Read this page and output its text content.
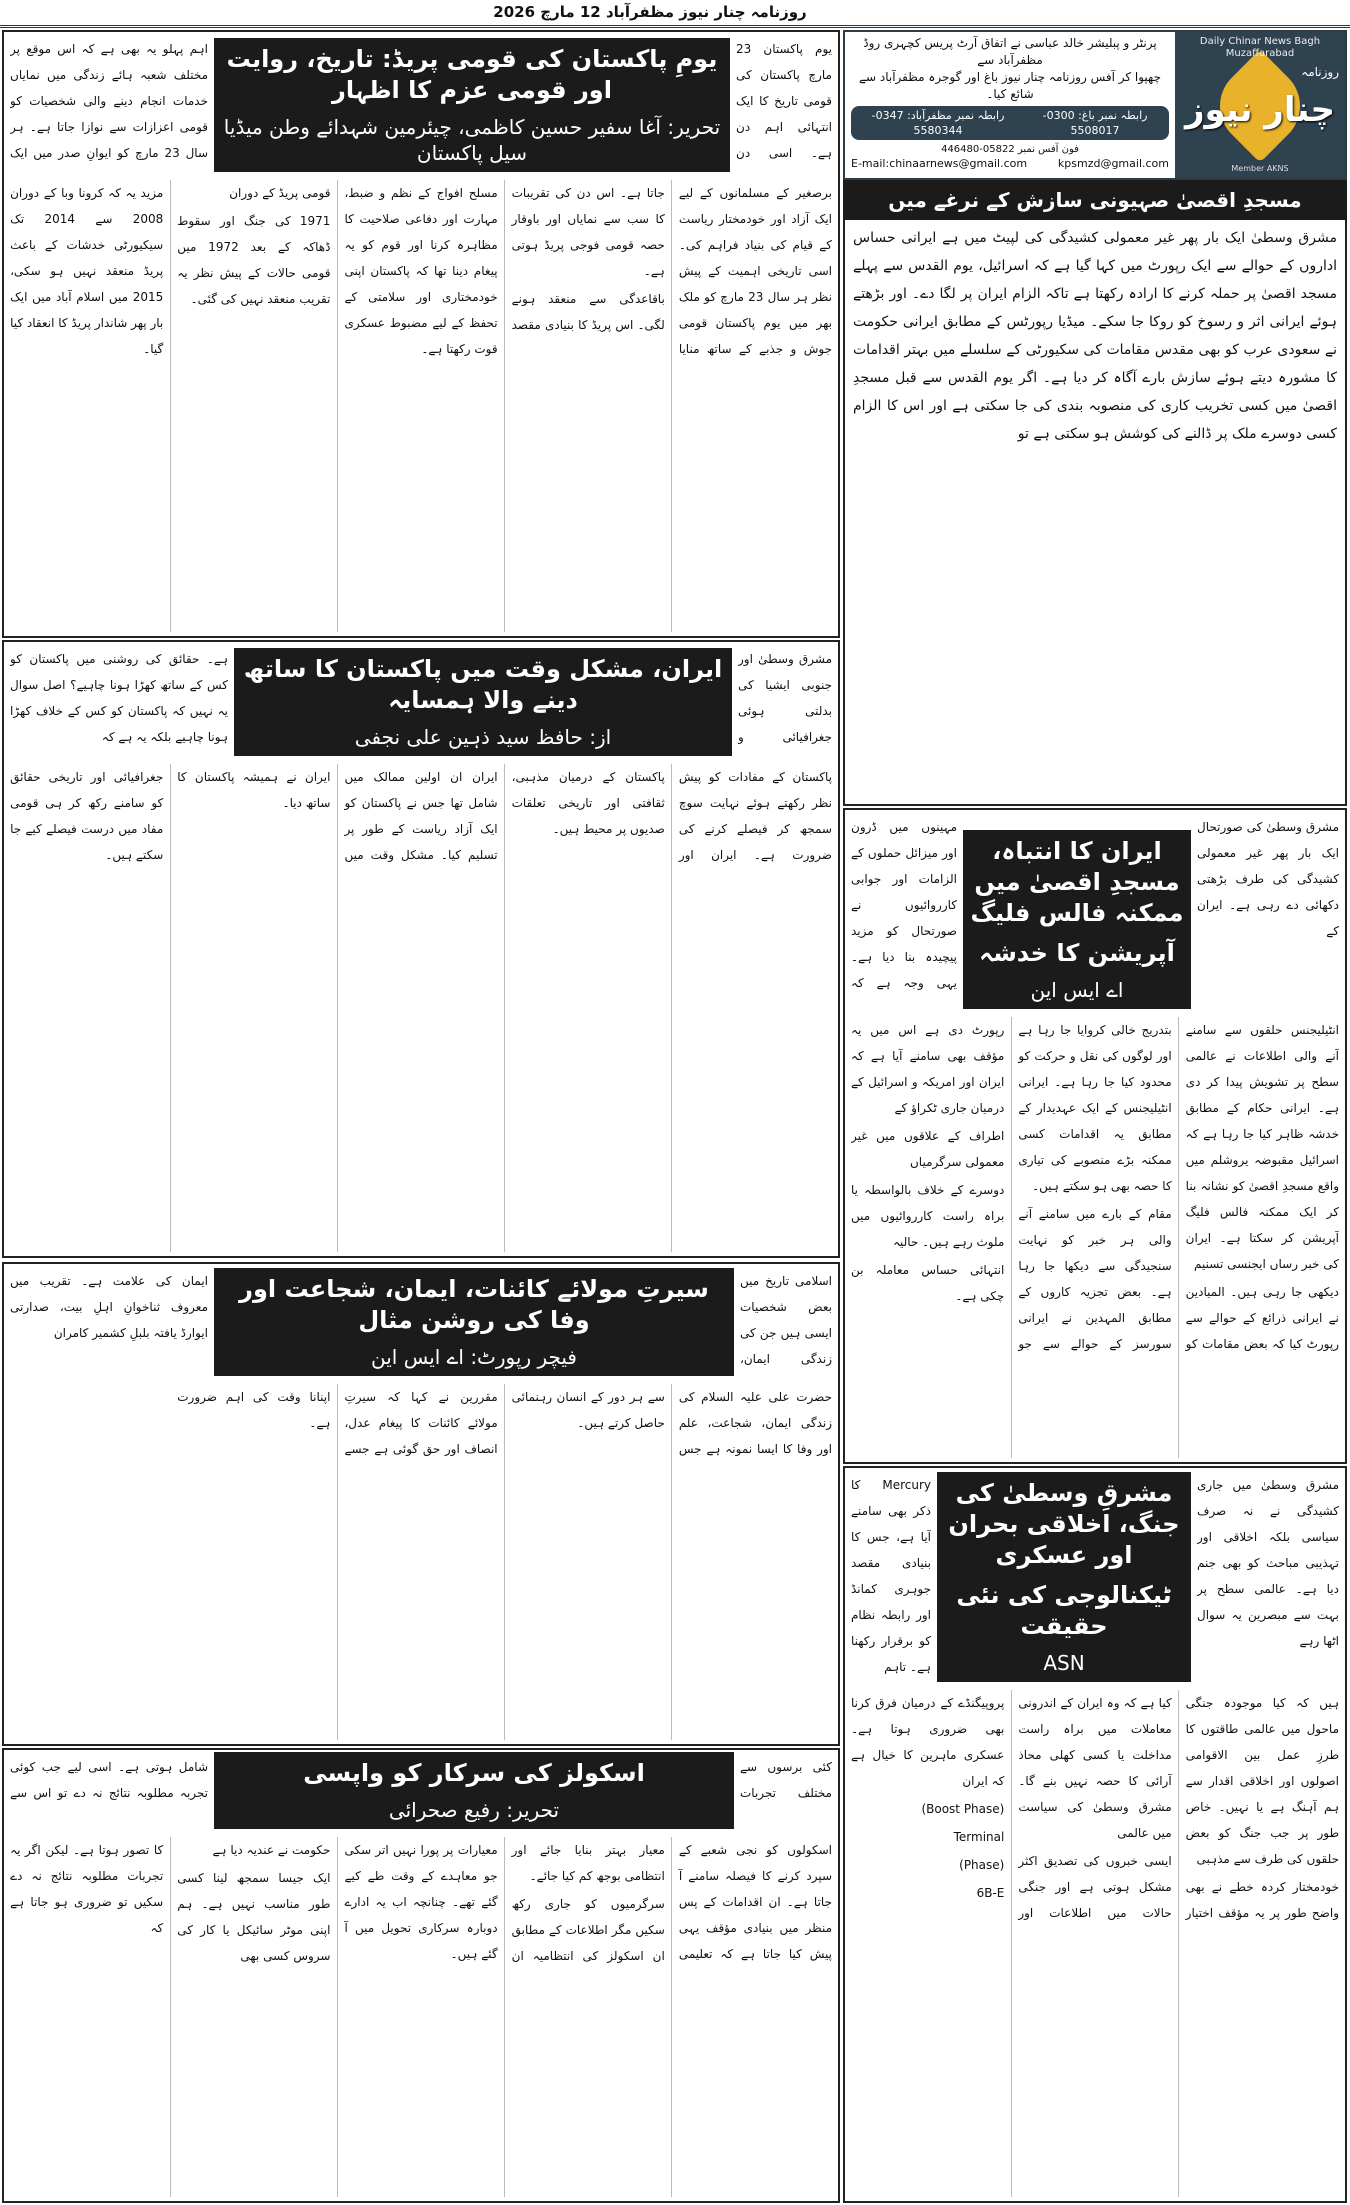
روزنامہ چنار نیوز مظفرآباد 12 مارچ 2026
Daily Chinar News Bagh Muzaffarabad
روزنامہ
چنار نیوز
Member AKNS
پرنٹر و پبلیشر خالد عباسی نے اتفاق آرٹ پریس کچہری روڈ مظفرآباد سے
چھپوا کر آفس روزنامہ چنار نیوز باغ اور گوجرہ مظفرآباد سے شائع کیا۔
رابطہ نمبر باغ: 0300-5508017
رابطہ نمبر مظفرآباد: 0347-5580344
فون آفس نمبر 05822-446480
E-mail:chinaarnews@gmail.com	kpsmzd@gmail.com
مسجدِ اقصیٰ صہیونی سازش کے نرغے میں

مشرق وسطیٰ ایک بار پھر غیر معمولی کشیدگی کی لپیٹ میں ہے ایرانی حساس اداروں کے حوالے سے ایک رپورٹ میں کہا گیا ہے کہ اسرائیل، یوم القدس سے پہلے مسجد اقصیٰ پر حملہ کرنے کا ارادہ رکھتا ہے تاکہ الزام ایران پر لگا دے۔ اور بڑھتے ہوئے ایرانی اثر و رسوخ کو روکا جا سکے۔ میڈیا رپورٹس کے مطابق ایرانی حکومت نے سعودی عرب کو بھی مقدس مقامات کی سکیورٹی کے سلسلے میں بہتر اقدامات کا مشورہ دیتے ہوئے سازش بارے آگاہ کر دیا ہے۔ اگر یوم القدس سے قبل مسجدِ اقصیٰ میں کسی تخریب کاری کی منصوبہ بندی کی جا سکتی ہے اور اس کا الزام کسی دوسرے ملک پر ڈالنے کی کوشش ہو سکتی ہے تو

یومِ پاکستان کی قومی پریڈ: تاریخ، روایت اور قومی عزم کا اظہار
تحریر: آغا سفیر حسین کاظمی، چیئرمین شہدائے وطن میڈیا سیل پاکستان
یوم پاکستان 23 مارچ پاکستان کی قومی تاریخ کا ایک انتہائی اہم دن ہے۔ اسی دن
اہم پہلو یہ بھی ہے کہ اس موقع پر مختلف شعبہ ہائے زندگی میں نمایاں خدمات انجام دینے والی شخصیات کو قومی اعزازات سے نوازا جاتا ہے۔ ہر سال 23 مارچ کو ایوانِ صدر میں ایک

برصغیر کے مسلمانوں کے لیے ایک آزاد اور خودمختار ریاست کے قیام کی بنیاد فراہم کی۔ اسی تاریخی اہمیت کے پیش نظر ہر سال 23 مارچ کو ملک بھر میں یوم پاکستان قومی جوش و جذبے کے ساتھ منایا جاتا ہے۔ اس دن کی تقریبات کا سب سے نمایاں اور باوقار حصہ قومی فوجی پریڈ ہوتی ہے۔

باقاعدگی سے منعقد ہونے لگی۔ اس پریڈ کا بنیادی مقصد مسلح افواج کے نظم و ضبط، مہارت اور دفاعی صلاحیت کا مظاہرہ کرنا اور قوم کو یہ پیغام دینا تھا کہ پاکستان اپنی خودمختاری اور سلامتی کے تحفظ کے لیے مضبوط عسکری قوت رکھتا ہے۔

قومی پریڈ کے دوران

1971 کی جنگ اور سقوط ڈھاکہ کے بعد 1972 میں قومی حالات کے پیش نظر یہ تقریب منعقد نہیں کی گئی۔

مزید یہ کہ کرونا وبا کے دوران 2008 سے 2014 تک سیکیورٹی خدشات کے باعث پریڈ منعقد نہیں ہو سکی، 2015 میں اسلام آباد میں ایک بار پھر شاندار پریڈ کا انعقاد کیا گیا۔

ایران، مشکل وقت میں پاکستان کا ساتھ دینے والا ہمسایہ
از: حافظ سید ذہین علی نجفی
مشرق وسطیٰ اور جنوبی ایشیا کی بدلتی ہوئی جغرافیائی و
ہے۔ حقائق کی روشنی میں پاکستان کو کس کے ساتھ کھڑا ہونا چاہیے؟ اصل سوال یہ نہیں کہ پاکستان کو کس کے خلاف کھڑا ہونا چاہیے بلکہ یہ ہے کہ

پاکستان کے مفادات کو پیش نظر رکھتے ہوئے نہایت سوچ سمجھ کر فیصلے کرنے کی ضرورت ہے۔ ایران اور پاکستان کے درمیان مذہبی، ثقافتی اور تاریخی تعلقات صدیوں پر محیط ہیں۔

ایران ان اولین ممالک میں شامل تھا جس نے پاکستان کو ایک آزاد ریاست کے طور پر تسلیم کیا۔ مشکل وقت میں ایران نے ہمیشہ پاکستان کا ساتھ دیا۔

جغرافیائی اور تاریخی حقائق کو سامنے رکھ کر ہی قومی مفاد میں درست فیصلے کیے جا سکتے ہیں۔

سیرتِ مولائے کائنات، ایمان، شجاعت اور وفا کی روشن مثال
فیچر رپورٹ: اے ایس این
اسلامی تاریخ میں بعض شخصیات ایسی ہیں جن کی زندگی ایمان،
ایمان کی علامت ہے۔ تقریب میں معروف ثناخوانِ اہلِ بیت، صدارتی ایوارڈ یافتہ بلبلِ کشمیر کامران

حضرت علی علیہ السلام کی زندگی ایمان، شجاعت، علم اور وفا کا ایسا نمونہ ہے جس سے ہر دور کے انسان رہنمائی حاصل کرتے ہیں۔

مقررین نے کہا کہ سیرتِ مولائے کائنات کا پیغام عدل، انصاف اور حق گوئی ہے جسے اپنانا وقت کی اہم ضرورت ہے۔

اسکولز کی سرکار کو واپسی
تحریر: رفیع صحرائی
کئی برسوں سے مختلف تجربات
شامل ہوتی ہے۔ اسی لیے جب کوئی تجربہ مطلوبہ نتائج نہ دے تو اس سے

اسکولوں کو نجی شعبے کے سپرد کرنے کا فیصلہ سامنے آ جاتا ہے۔ ان اقدامات کے پس منظر میں بنیادی مؤقف یہی پیش کیا جاتا ہے کہ تعلیمی معیار بہتر بنایا جائے اور انتظامی بوجھ کم کیا جائے۔

سرگرمیوں کو جاری رکھ سکیں مگر اطلاعات کے مطابق ان اسکولز کی انتظامیہ ان معیارات پر پورا نہیں اتر سکی جو معاہدے کے وقت طے کیے گئے تھے۔ چنانچہ اب یہ ادارے دوبارہ سرکاری تحویل میں آ گئے ہیں۔

حکومت نے عندیہ دیا ہے

ایک جیسا سمجھ لینا کسی طور مناسب نہیں ہے۔ ہم اپنی موٹر سائیکل یا کار کی سروس کسی بھی

کا تصور ہوتا ہے۔ لیکن اگر یہ تجربات مطلوبہ نتائج نہ دے سکیں تو ضروری ہو جاتا ہے کہ

ایران کا انتباہ، مسجدِ اقصیٰ میں ممکنہ فالس فلیگ
آپریشن کا خدشہ
اے ایس این
مشرق وسطیٰ کی صورتحال ایک بار پھر غیر معمولی کشیدگی کی طرف بڑھتی دکھائی دے رہی ہے۔ ایران کے
مہینوں میں ڈرون اور میزائل حملوں کے الزامات اور جوابی کارروائیوں نے صورتحال کو مزید پیچیدہ بنا دیا ہے۔ یہی وجہ ہے کہ

انٹیلیجنس حلقوں سے سامنے آنے والی اطلاعات نے عالمی سطح پر تشویش پیدا کر دی ہے۔ ایرانی حکام کے مطابق خدشہ ظاہر کیا جا رہا ہے کہ اسرائیل مقبوضہ یروشلم میں واقع مسجدِ اقصیٰ کو نشانہ بنا کر ایک ممکنہ فالس فلیگ آپریشن کر سکتا ہے۔ ایران کی خبر رساں ایجنسی تسنیم

دیکھی جا رہی ہیں۔ المیادین نے ایرانی ذرائع کے حوالے سے رپورٹ کیا کہ بعض مقامات کو بتدریج خالی کروایا جا رہا ہے اور لوگوں کی نقل و حرکت کو محدود کیا جا رہا ہے۔ ایرانی انٹیلیجنس کے ایک عہدیدار کے مطابق یہ اقدامات کسی ممکنہ بڑے منصوبے کی تیاری کا حصہ بھی ہو سکتے ہیں۔

مقام کے بارے میں سامنے آنے والی ہر خبر کو نہایت سنجیدگی سے دیکھا جا رہا ہے۔ بعض تجزیہ کاروں کے مطابق المہدین نے ایرانی سورسز کے حوالے سے جو رپورٹ دی ہے اس میں یہ مؤقف بھی سامنے آیا ہے کہ ایران اور امریکہ و اسرائیل کے درمیان جاری ٹکراؤ کے

اطراف کے علاقوں میں غیر معمولی سرگرمیاں

دوسرے کے خلاف بالواسطہ یا براہ راست کارروائیوں میں ملوث رہے ہیں۔ حالیہ

انتہائی حساس معاملہ بن چکی ہے۔

مشرقِ وسطیٰ کی جنگ، اخلاقی بحران اور عسکری
ٹیکنالوجی کی نئی حقیقت
ASN
مشرق وسطیٰ میں جاری کشیدگی نے نہ صرف سیاسی بلکہ اخلاقی اور تہذیبی مباحث کو بھی جنم دیا ہے۔ عالمی سطح پر بہت سے مبصرین یہ سوال اٹھا رہے
Mercury کا ذکر بھی سامنے آیا ہے، جس کا بنیادی مقصد جوہری کمانڈ اور رابطہ نظام کو برقرار رکھنا ہے۔ تاہم

ہیں کہ کیا موجودہ جنگی ماحول میں عالمی طاقتوں کا طرزِ عمل بین الاقوامی اصولوں اور اخلاقی اقدار سے ہم آہنگ ہے یا نہیں۔ خاص طور پر جب جنگ کو بعض حلقوں کی طرف سے مذہبی

خودمختار کردہ خطے نے بھی واضح طور پر یہ مؤقف اختیار کیا ہے کہ وہ ایران کے اندرونی معاملات میں براہ راست مداخلت یا کسی کھلی محاذ آرائی کا حصہ نہیں بنے گا۔ مشرق وسطیٰ کی سیاست میں عالمی

ایسی خبروں کی تصدیق اکثر مشکل ہوتی ہے اور جنگی حالات میں اطلاعات اور پروپیگنڈے کے درمیان فرق کرنا بھی ضروری ہوتا ہے۔ عسکری ماہرین کا خیال ہے کہ ایران

(Boost Phase)

Terminal

(Phase)

6B-E
